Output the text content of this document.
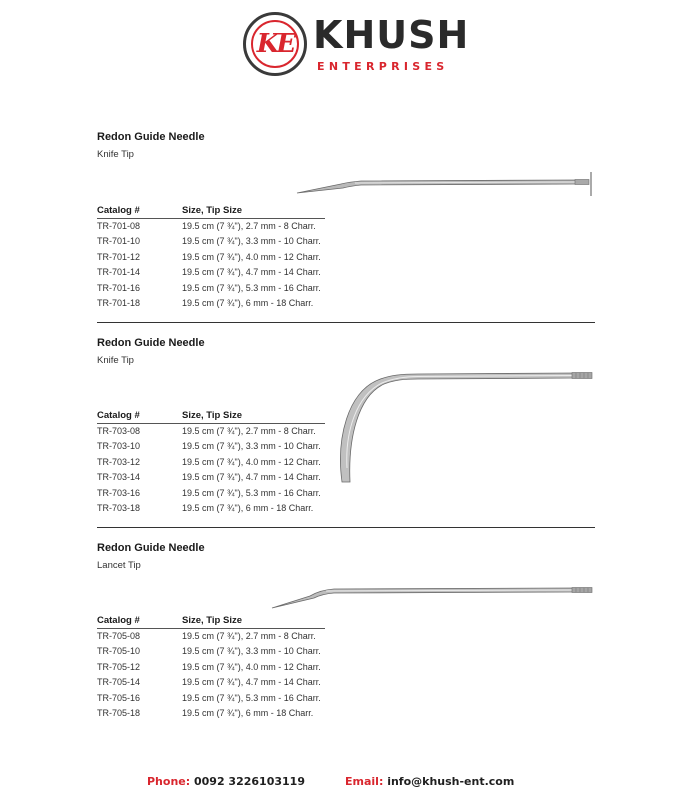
KE KHUSH
ENTERPRISES
Redon Guide Needle
Knife Tip
Catalog #	Size, Tip Size
TR-701-08	19.5 cm (7 ¾"), 2.7 mm - 8 Charr.
TR-701-10	19.5 cm (7 ¾"), 3.3 mm - 10 Charr.
TR-701-12	19.5 cm (7 ¾"), 4.0 mm - 12 Charr.
TR-701-14	19.5 cm (7 ¾"), 4.7 mm - 14 Charr.
TR-701-16	19.5 cm (7 ¾"), 5.3 mm - 16 Charr.
TR-701-18	19.5 cm (7 ¾"), 6 mm - 18 Charr.
Redon Guide Needle
Knife Tip
Catalog #	Size, Tip Size
TR-703-08	19.5 cm (7 ¾"), 2.7 mm - 8 Charr.
TR-703-10	19.5 cm (7 ¾"), 3.3 mm - 10 Charr.
TR-703-12	19.5 cm (7 ¾"), 4.0 mm - 12 Charr.
TR-703-14	19.5 cm (7 ¾"), 4.7 mm - 14 Charr.
TR-703-16	19.5 cm (7 ¾"), 5.3 mm - 16 Charr.
TR-703-18	19.5 cm (7 ¾"), 6 mm - 18 Charr.
Redon Guide Needle
Lancet Tip
Catalog #	Size, Tip Size
TR-705-08	19.5 cm (7 ¾"), 2.7 mm - 8 Charr.
TR-705-10	19.5 cm (7 ¾"), 3.3 mm - 10 Charr.
TR-705-12	19.5 cm (7 ¾"), 4.0 mm - 12 Charr.
TR-705-14	19.5 cm (7 ¾"), 4.7 mm - 14 Charr.
TR-705-16	19.5 cm (7 ¾"), 5.3 mm - 16 Charr.
TR-705-18	19.5 cm (7 ¾"), 6 mm - 18 Charr.
Phone: 0092 3226103119	Email: info@khush-ent.com
